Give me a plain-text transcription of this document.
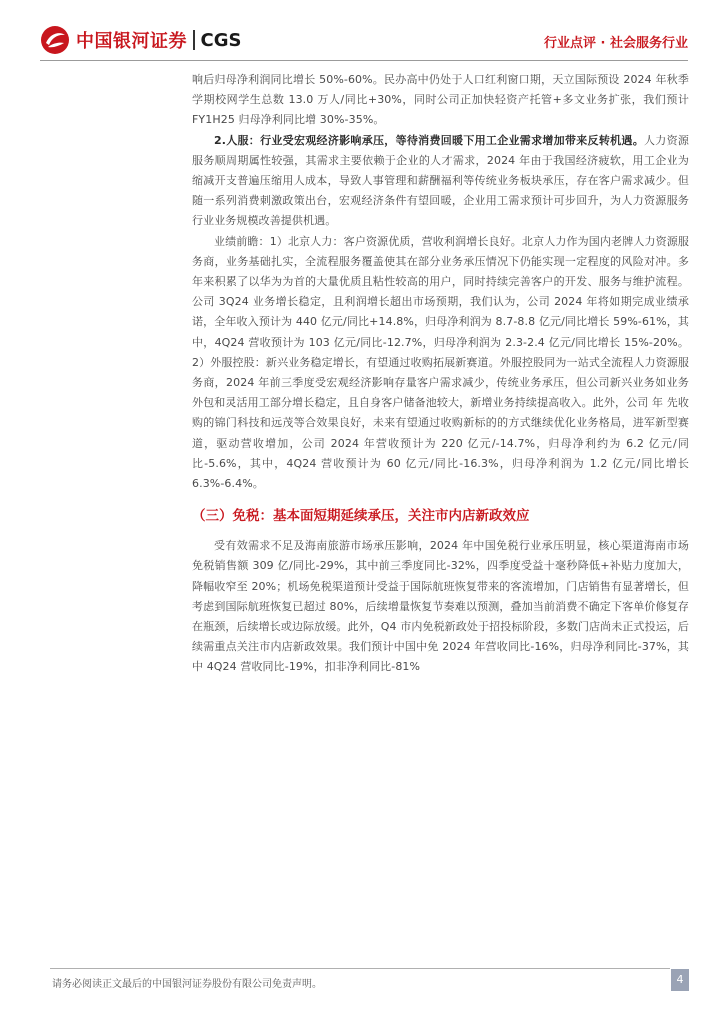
中国银河证券 CGS	行业点评 · 社会服务行业

响后归母净利润同比增长 50%-60%。民办高中仍处于人口红利窗口期，天立国际预设 2024 年秋季学期校网学生总数 13.0 万人/同比+30%，同时公司正加快轻资产托管+多文业务扩张，我们预计 FY1H25 归母净利同比增 30%-35%。

2.人服：行业受宏观经济影响承压，等待消费回暖下用工企业需求增加带来反转机遇。人力资源服务顺周期属性较强，其需求主要依赖于企业的人才需求，2024 年由于我国经济疲软，用工企业为缩减开支普遍压缩用人成本，导致人事管理和薪酬福利等传统业务板块承压，存在客户需求减少。但随一系列消费刺激政策出台，宏观经济条件有望回暖，企业用工需求预计可步回升，为人力资源服务行业业务规模改善提供机遇。

业绩前瞻：1）北京人力：客户资源优质，营收利润增长良好。北京人力作为国内老牌人力资源服务商，业务基础扎实，全流程服务覆盖使其在部分业务承压情况下仍能实现一定程度的风险对冲。多年来积累了以华为为首的大量优质且粘性较高的用户，同时持续完善客户的开发、服务与维护流程。公司 3Q24 业务增长稳定，且利润增长超出市场预期，我们认为，公司 2024 年将如期完成业绩承诺，全年收入预计为 440 亿元/同比+14.8%，归母净利润为 8.7-8.8 亿元/同比增长 59%-61%，其中，4Q24 营收预计为 103 亿元/同比-12.7%，归母净利润为 2.3-2.4 亿元/同比增长 15%-20%。2）外服控股：新兴业务稳定增长，有望通过收购拓展新赛道。外服控股同为一站式全流程人力资源服务商，2024 年前三季度受宏观经济影响存量客户需求减少，传统业务承压，但公司新兴业务如业务外包和灵活用工部分增长稳定，且自身客户储备池较大，新增业务持续提高收入。此外，公司 年 先收购的锦门科技和远茂等合效果良好，未来有望通过收购新标的的方式继续优化业务格局，进军新型赛道，驱动营收增加，公司 2024 年营收预计为 220 亿元/-14.7%，归母净利约为 6.2 亿元/同比-5.6%，其中，4Q24 营收预计为 60 亿元/同比-16.3%，归母净利润为 1.2 亿元/同比增长 6.3%-6.4%。

（三）免税：基本面短期延续承压，关注市内店新政效应

受有效需求不足及海南旅游市场承压影响，2024 年中国免税行业承压明显，核心渠道海南市场免税销售额 309 亿/同比-29%，其中前三季度同比-32%，四季度受益十毫秒降低+补贴力度加大，降幅收窄至 20%；机场免税渠道预计受益于国际航班恢复带来的客流增加，门店销售有显著增长，但考虑到国际航班恢复已超过 80%，后续增量恢复节奏难以预测，叠加当前消费不确定下客单价修复存在瓶颈，后续增长或边际放缓。此外，Q4 市内免税新政处于招投标阶段，多数门店尚未正式投运，后续需重点关注市内店新政效果。我们预计中国中免 2024 年营收同比-16%，归母净利同比-37%，其中 4Q24 营收同比-19%，扣非净利同比-81%

请务必阅读正文最后的中国银河证券股份有限公司免责声明。	4
